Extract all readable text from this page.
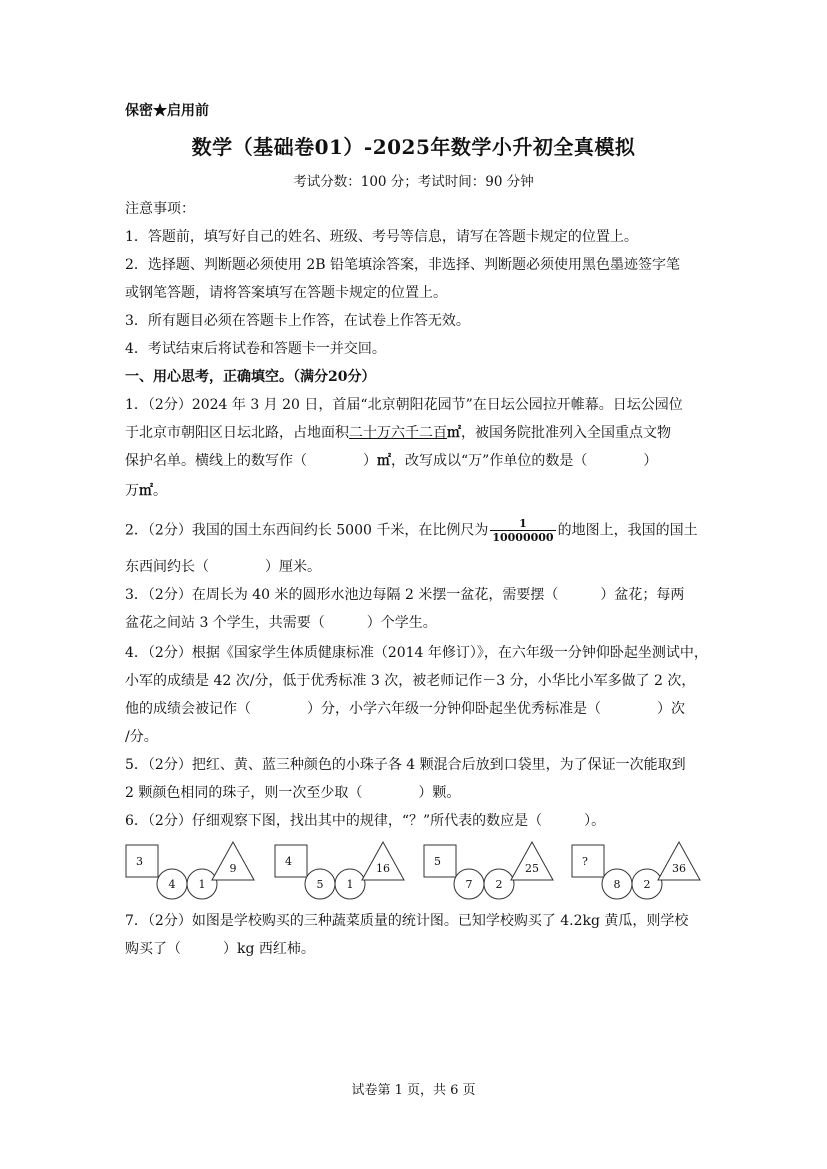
保密★启用前
数学（基础卷01）-2025年数学小升初全真模拟
考试分数：100 分；考试时间：90 分钟
注意事项：
1．答题前，填写好自己的姓名、班级、考号等信息，请写在答题卡规定的位置上。
2．选择题、判断题必须使用 2B 铅笔填涂答案，非选择、判断题必须使用黑色墨迹签字笔
或钢笔答题，请将答案填写在答题卡规定的位置上。
3．所有题目必须在答题卡上作答，在试卷上作答无效。
4．考试结束后将试卷和答题卡一并交回。
一、用心思考，正确填空。（满分20分）
1．（2分）2024 年 3 月 20 日，首届“北京朝阳花园节”在日坛公园拉开帷幕。日坛公园位
于北京市朝阳区日坛北路，占地面积二十万六千二百㎡，被国务院批准列入全国重点文物
保护名单。横线上的数写作（　　　　）㎡，改写成以“万”作单位的数是（　　　　）
万㎡。
2．（2分）我国的国土东西间约长 5000 千米，在比例尺为 $\frac{1}{10000000}$ 的地图上，我国的国土
东西间约长（　　　　）厘米。
3．（2分）在周长为 40 米的圆形水池边每隔 2 米摆一盆花，需要摆（　　　）盆花；每两
盆花之间站 3 个学生，共需要（　　　）个学生。
4．（2分）根据《国家学生体质健康标准（2014 年修订）》，在六年级一分钟仰卧起坐测试中，
小军的成绩是 42 次/分，低于优秀标准 3 次，被老师记作－3 分，小华比小军多做了 2 次，
他的成绩会被记作（　　　　）分，小学六年级一分钟仰卧起坐优秀标准是（　　　　）次
/分。
5．（2分）把红、黄、蓝三种颜色的小珠子各 4 颗混合后放到口袋里，为了保证一次能取到
2 颗颜色相同的珠子，则一次至少取（　　　　）颗。
6．（2分）仔细观察下图，找出其中的规律，“？”所代表的数应是（　　　）。
3
4 1
9
4
5 1
16
5
7 2
25
?
8 2
36
7．（2分）如图是学校购买的三种蔬菜质量的统计图。已知学校购买了 4.2kg 黄瓜，则学校
购买了（　　　）kg 西红柿。
试卷第 1 页，共 6 页
